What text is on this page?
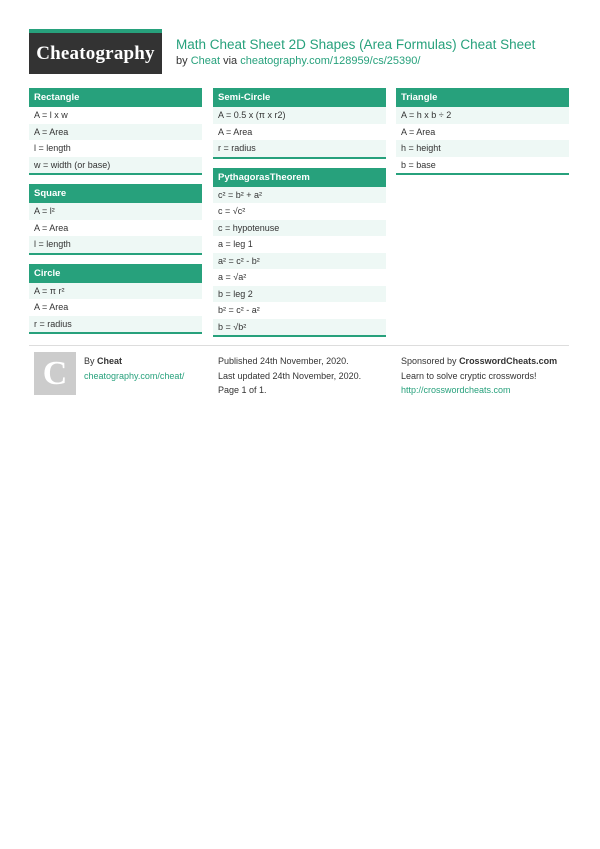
Cheatography Math Cheat Sheet 2D Shapes (Area Formulas) Cheat Sheet
by Cheat via cheatography.com/128959/cs/25390/
Rectangle
A = l x w
A = Area
l = length
w = width (or base)
Square
A = l²
A = Area
l = length
Circle
A = π r²
A = Area
r = radius
Semi-Circle
A = 0.5 x (π x r2)
A = Area
r = radius
PythagorasTheorem
c² = b² + a²
c = √c²
c = hypotenuse
a = leg 1
a² = c² - b²
a = √a²
b = leg 2
b² = c² - a²
b = √b²
Triangle
A = h x b ÷ 2
A = Area
h = height
b = base
C By Cheat
cheatography.com/cheat/
Published 24th November, 2020.
Last updated 24th November, 2020.
Page 1 of 1.
Sponsored by CrosswordCheats.com
Learn to solve cryptic crosswords!
http://crosswordcheats.com
